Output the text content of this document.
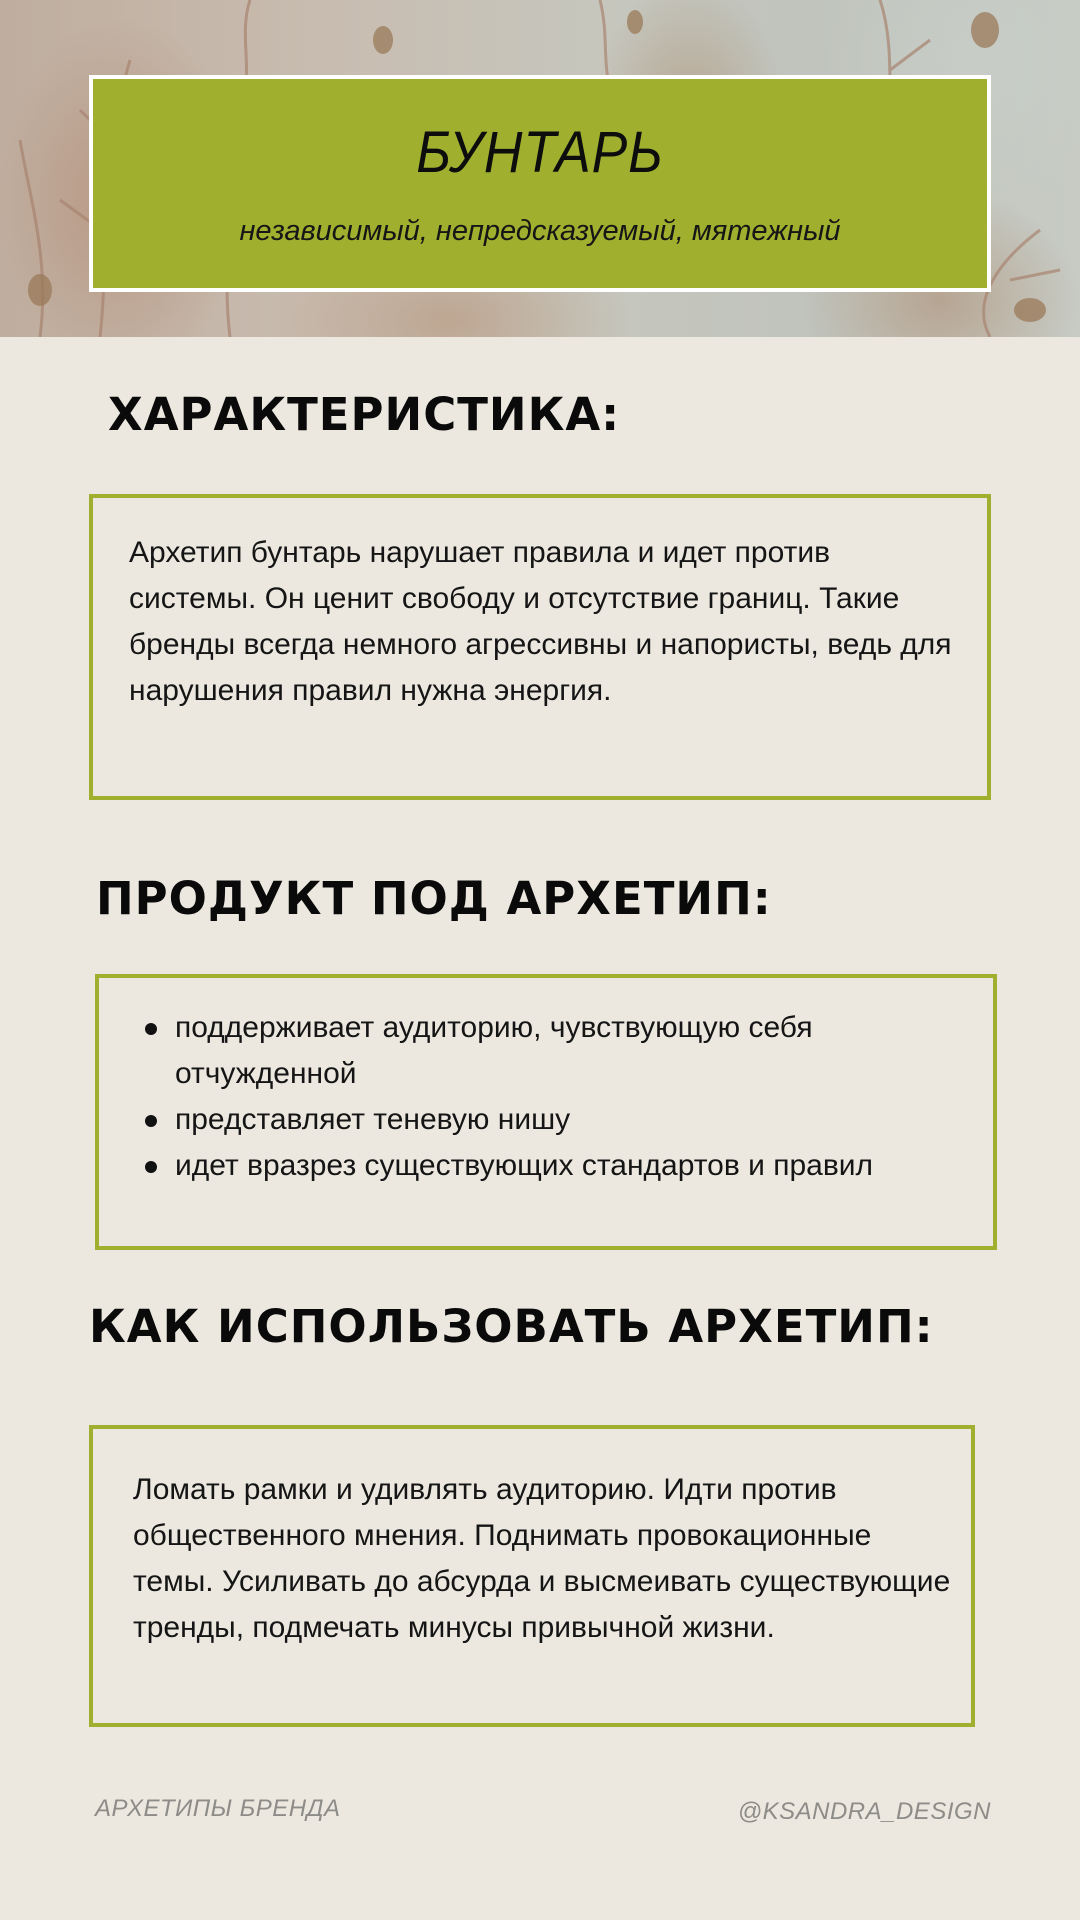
БУНТАРЬ
независимый, непредсказуемый, мятежный
ХАРАКТЕРИСТИКА:

Архетип бунтарь нарушает правила и идет против системы. Он ценит свободу и отсутствие границ. Такие бренды всегда немного агрессивны и напористы, ведь для нарушения правил нужна энергия.

ПРОДУКТ ПОД АРХЕТИП:
поддерживает аудиторию, чувствующую себя отчужденной
представляет теневую нишу
идет вразрез существующих стандартов и правил
КАК ИСПОЛЬЗОВАТЬ АРХЕТИП:

Ломать рамки и удивлять аудиторию. Идти против общественного мнения. Поднимать провокационные темы. Усиливать до абсурда и высмеивать существующие тренды, подмечать минусы привычной жизни.

АРХЕТИПЫ БРЕНДА	@KSANDRA_DESIGN
